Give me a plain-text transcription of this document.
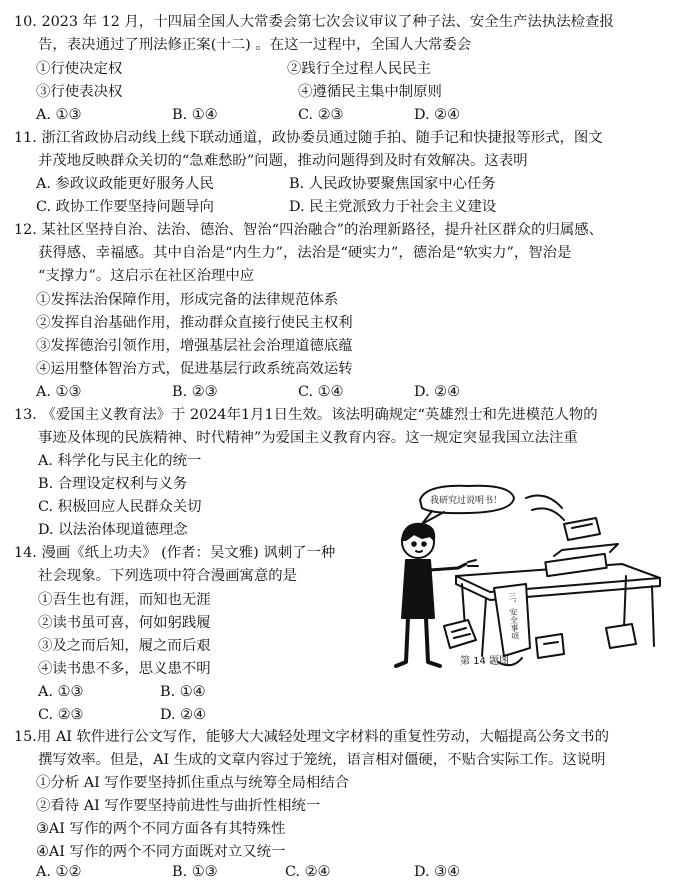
10. 2023 年 12 月，十四届全国人大常委会第七次会议审议了种子法、安全生产法执法检查报
告，表决通过了刑法修正案(十二) 。在这一过程中，全国人大常委会
①行使决定权	②践行全过程人民民主
③行使表决权	④遵循民主集中制原则
A. ①③	B. ①④	C. ②③	D. ②④
11. 浙江省政协启动线上线下联动通道，政协委员通过随手拍、随手记和快捷报等形式，图文
并茂地反映群众关切的“急难愁盼”问题，推动问题得到及时有效解决。这表明
A. 参政议政能更好服务人民	B. 人民政协要聚焦国家中心任务
C. 政协工作要坚持问题导向	D. 民主党派致力于社会主义建设
12. 某社区坚持自治、法治、德治、智治“四治融合”的治理新路径，提升社区群众的归属感、
获得感、幸福感。其中自治是“内生力”，法治是“硬实力”，德治是“软实力”，智治是
“支撑力”。这启示在社区治理中应
①发挥法治保障作用，形成完备的法律规范体系
②发挥自治基础作用，推动群众直接行使民主权利
③发挥德治引领作用，增强基层社会治理道德底蕴
④运用整体智治方式，促进基层行政系统高效运转
A. ①③	B. ②③	C. ①④	D. ②④
13. 《爱国主义教育法》于 2024年1月1日生效。该法明确规定“英雄烈士和先进模范人物的
事迹及体现的民族精神、时代精神”为爱国主义教育内容。这一规定突显我国立法注重
A. 科学化与民主化的统一
B. 合理设定权利与义务
C. 积极回应人民群众关切
D. 以法治体现道德理念
14. 漫画《纸上功夫》 (作者：吴文雅) 讽刺了一种
社会现象。下列选项中符合漫画寓意的是
①吾生也有涯，而知也无涯
②读书虽可喜，何如躬践履
③及之而后知，履之而后艰
④读书患不多，思义患不明
A. ①③	B. ①④
C. ②③	D. ②④
我研究过说明书！
三、安全事项
第 14 题图
15.用 AI 软件进行公文写作，能够大大减轻处理文字材料的重复性劳动，大幅提高公务文书的
撰写效率。但是，AI 生成的文章内容过于笼统，语言相对僵硬，不贴合实际工作。这说明
①分析 AI 写作要坚持抓住重点与统筹全局相结合
②看待 AI 写作要坚持前进性与曲折性相统一
③AI 写作的两个不同方面各有其特殊性
④AI 写作的两个不同方面既对立又统一
A. ①②	B. ①③	C. ②④	D. ③④
